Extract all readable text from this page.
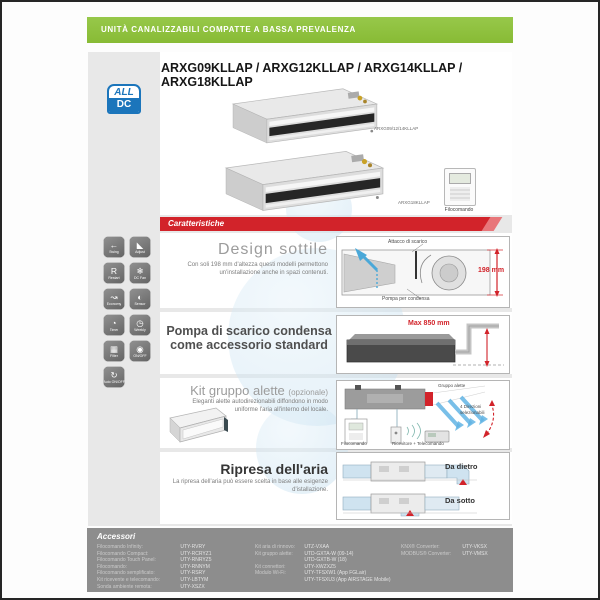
UNITÀ CANALIZZABILI COMPATTE A BASSA PREVALENZA
ARXG09KLLAP / ARXG12KLLAP / ARXG14KLLAP / ARXG18KLLAP
ALL
DC
←
Swing
◣
Adjust
R
Restart
❄
DC Fan
↝
Economy
◐
Sensor
◔
Timer
◷
Weekly
▦
Filter
◉
ON/OFF
↻
Auto ON/OFF
ARXG09/12/14KLLAP
ARXG18KLLAP
Filocomando
Caratteristiche
Design sottile
Con soli 198 mm d'altezza questi modelli permettono un'installazione anche in spazi contenuti.
Attacco di scarico
198 mm
Pompa per condensa
Pompa di scarico condensa
come accessorio standard
Max 850 mm
Kit gruppo alette (opzionale)
Eleganti alette autodirezionabili diffondono in modo uniforme l'aria all'interno del locale.
Gruppo alette
4 Direzioni selezionabili
Filocomando	Ricevitore + Telecomando
Ripresa dell'aria
La ripresa dell'aria può essere scelta in base alle esigenze d'istallazione.
Da dietro
Da sotto
Accessori
Filocomando Infinity:	UTY-RVRY
Filocomando Compact:	UTY-RCRYZ1
Filocomando Touch Panel:	UTY-RNRYZ5
Filocomando:	UTY-RNNYM
Filocomando semplificato:	UTY-RSRY
Kit ricevente e telecomando:	UTY-LBTYM
Sonda ambiente remota:	UTY-XSZX
Kit aria di rinnovo: UTZ-VXAA
Kit gruppo alette: UTD-GXTA-W (09-14)
UTD-GXTB-W (18)
Kit connettori:	UTY-XWZXZ5
Modulo Wi-Fi:	UTY-TFSXW1 (App FGLair)
UTY-TFSXU3 (App AIRSTAGE Mobile)
KNX® Converter:	UTY-VKSX
MODBUS® Converter: UTY-VMSX
